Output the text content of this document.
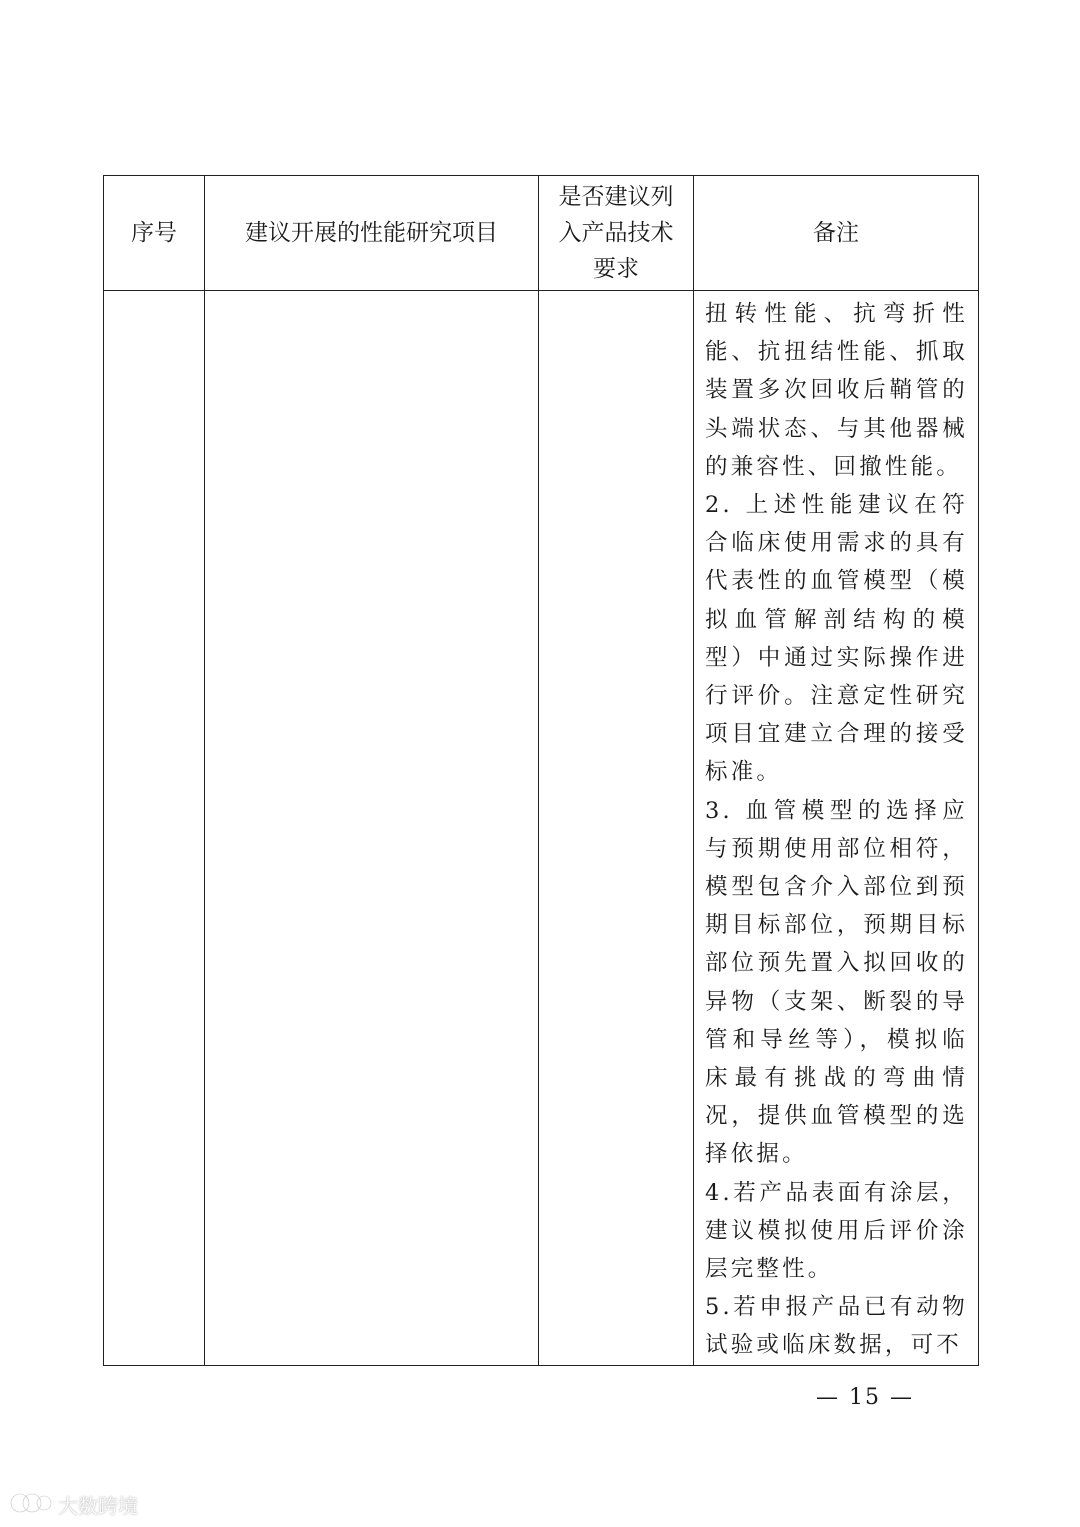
序号	建议开展的性能研究项目	是否建议列入产品技术要求	备注

			扭转性能、抗弯折性能、抗扭结性能、抓取装置多次回收后鞘管的头端状态、与其他器械的兼容性、回撤性能。

2. 上述性能建议在符合临床使用需求的具有代表性的血管模型（模拟血管解剖结构的模型）中通过实际操作进行评价。注意定性研究项目宜建立合理的接受标准。

3. 血管模型的选择应与预期使用部位相符，模型包含介入部位到预期目标部位，预期目标部位预先置入拟回收的异物（支架、断裂的导管和导丝等），模拟临床最有挑战的弯曲情况，提供血管模型的选择依据。

4.若产品表面有涂层，建议模拟使用后评价涂层完整性。

5.若申报产品已有动物试验或临床数据，可不

— 15 —
大数跨境
